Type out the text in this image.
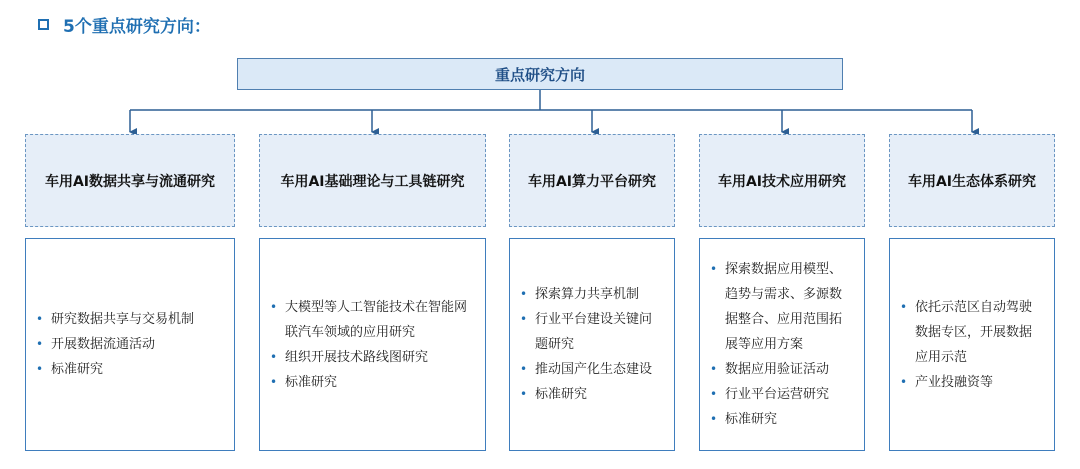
5个重点研究方向：
重点研究方向
车用AI数据共享与流通研究
• 研究数据共享与交易机制
• 开展数据流通活动
• 标准研究
车用AI基础理论与工具链研究
• 大模型等人工智能技术在智能网联汽车领域的应用研究
• 组织开展技术路线图研究
• 标准研究
车用AI算力平台研究
• 探索算力共享机制
• 行业平台建设关键问题研究
• 推动国产化生态建设
• 标准研究
车用AI技术应用研究
• 探索数据应用模型、趋势与需求、多源数据整合、应用范围拓展等应用方案
• 数据应用验证活动
• 行业平台运营研究
• 标准研究
车用AI生态体系研究
• 依托示范区自动驾驶数据专区，开展数据应用示范
• 产业投融资等
